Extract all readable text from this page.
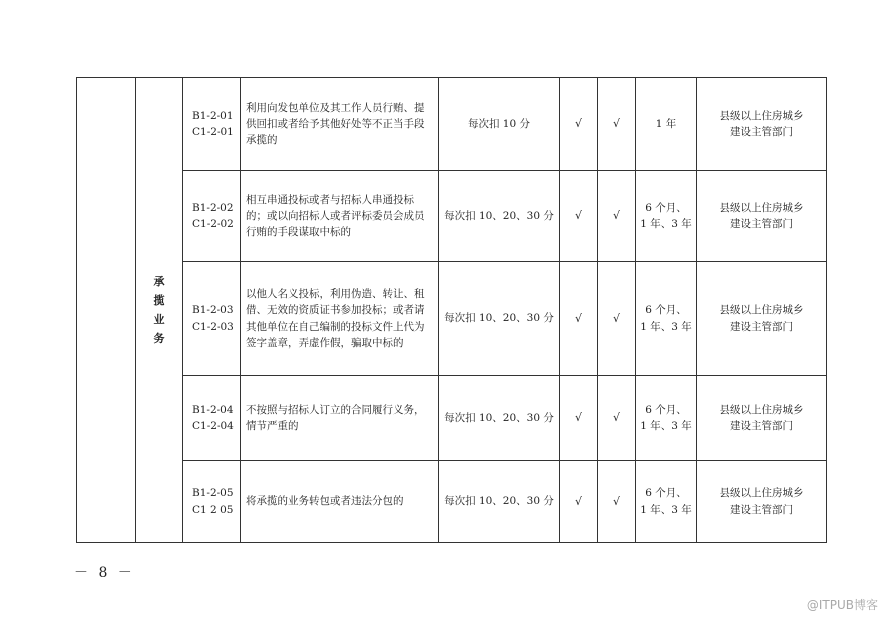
	承
揽
业
务	B1-2-01
C1-2-01	利用向发包单位及其工作人员行贿、提供回扣或者给予其他好处等不正当手段承揽的	每次扣 10 分	√	√	1 年	县级以上住房城乡
建设主管部门

		B1-2-02
C1-2-02	相互串通投标或者与招标人串通投标的；或以向招标人或者评标委员会成员行贿的手段谋取中标的	每次扣 10、20、30 分	√	√	6 个月、
1 年、3 年	县级以上住房城乡
建设主管部门

		B1-2-03
C1-2-03	以他人名义投标，利用伪造、转让、租借、无效的资质证书参加投标；或者请其他单位在自己编制的投标文件上代为签字盖章，弄虚作假，骗取中标的	每次扣 10、20、30 分	√	√	6 个月、
1 年、3 年	县级以上住房城乡
建设主管部门

		B1-2-04
C1-2-04	不按照与招标人订立的合同履行义务，情节严重的	每次扣 10、20、30 分	√	√	6 个月、
1 年、3 年	县级以上住房城乡
建设主管部门

		B1-2-05
C1 2 05	将承揽的业务转包或者违法分包的	每次扣 10、20、30 分	√	√	6 个月、
1 年、3 年	县级以上住房城乡
建设主管部门
－ 8 －
@ITPUB博客
